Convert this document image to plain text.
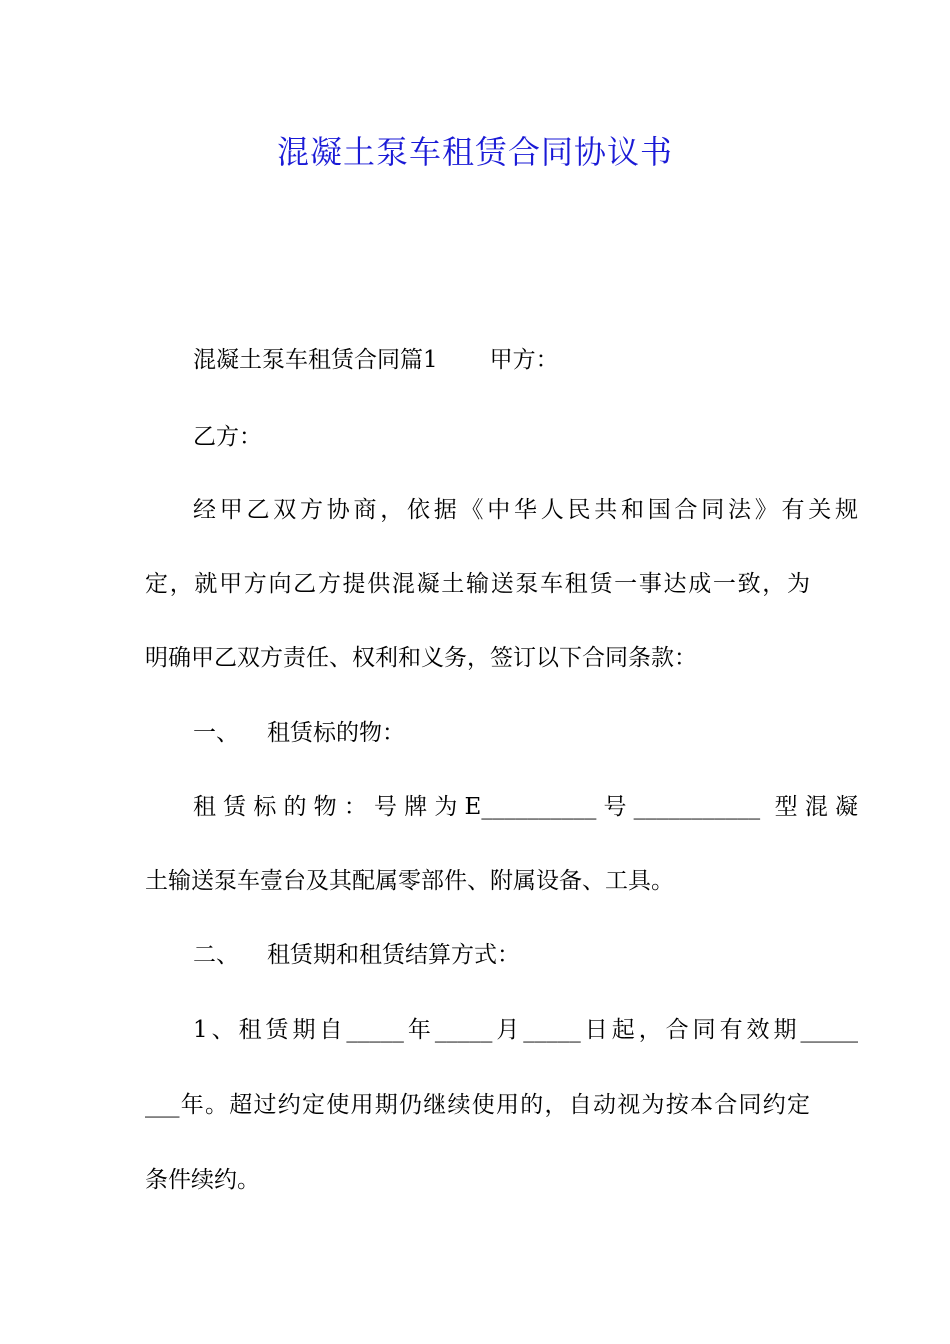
混凝土泵车租赁合同协议书
混凝土泵车租赁合同篇1 甲方：
乙方：
经甲乙双方协商，依据《中华人民共和国合同法》有关规
定，就甲方向乙方提供混凝土输送泵车租赁一事达成一致，为
明确甲乙双方责任、权利和义务，签订以下合同条款：
一、 租赁标的物：
租赁标的物：号牌为E__________号___________ 型混凝
土输送泵车壹台及其配属零部件、附属设备、工具。
二、 租赁期和租赁结算方式：
1、租赁期自_____年_____月_____日起，合同有效期_____
___年。超过约定使用期仍继续使用的，自动视为按本合同约定
条件续约。
